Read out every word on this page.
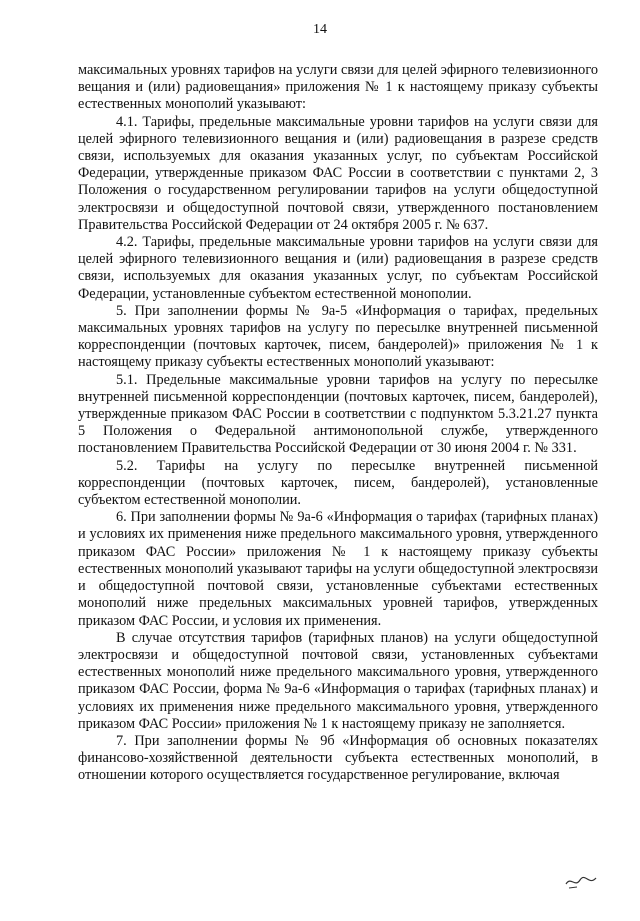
14

максимальных уровнях тарифов на услуги связи для целей эфирного телевизионного вещания и (или) радиовещания» приложения № 1 к настоящему приказу субъекты естественных монополий указывают:

4.1. Тарифы, предельные максимальные уровни тарифов на услуги связи для целей эфирного телевизионного вещания и (или) радиовещания в разрезе средств связи, используемых для оказания указанных услуг, по субъектам Российской Федерации, утвержденные приказом ФАС России в соответствии с пунктами 2, 3 Положения о государственном регулировании тарифов на услуги общедоступной электросвязи и общедоступной почтовой связи, утвержденного постановлением Правительства Российской Федерации от 24 октября 2005 г. № 637.

4.2. Тарифы, предельные максимальные уровни тарифов на услуги связи для целей эфирного телевизионного вещания и (или) радиовещания в разрезе средств связи, используемых для оказания указанных услуг, по субъектам Российской Федерации, установленные субъектом естественной монополии.

5. При заполнении формы № 9а-5 «Информация о тарифах, предельных максимальных уровнях тарифов на услугу по пересылке внутренней письменной корреспонденции (почтовых карточек, писем, бандеролей)» приложения № 1 к настоящему приказу субъекты естественных монополий указывают:

5.1. Предельные максимальные уровни тарифов на услугу по пересылке внутренней письменной корреспонденции (почтовых карточек, писем, бандеролей), утвержденные приказом ФАС России в соответствии с подпунктом 5.3.21.27 пункта 5 Положения о Федеральной антимонопольной службе, утвержденного постановлением Правительства Российской Федерации от 30 июня 2004 г. № 331.

5.2. Тарифы на услугу по пересылке внутренней письменной корреспонденции (почтовых карточек, писем, бандеролей), установленные субъектом естественной монополии.

6. При заполнении формы № 9а-6 «Информация о тарифах (тарифных планах) и условиях их применения ниже предельного максимального уровня, утвержденного приказом ФАС России» приложения № 1 к настоящему приказу субъекты естественных монополий указывают тарифы на услуги общедоступной электросвязи и общедоступной почтовой связи, установленные субъектами естественных монополий ниже предельных максимальных уровней тарифов, утвержденных приказом ФАС России, и условия их применения.

В случае отсутствия тарифов (тарифных планов) на услуги общедоступной электросвязи и общедоступной почтовой связи, установленных субъектами естественных монополий ниже предельного максимального уровня, утвержденного приказом ФАС России, форма № 9а-6 «Информация о тарифах (тарифных планах) и условиях их применения ниже предельного максимального уровня, утвержденного приказом ФАС России» приложения № 1 к настоящему приказу не заполняется.

7. При заполнении формы № 9б «Информация об основных показателях финансово-хозяйственной деятельности субъекта естественных монополий, в отношении которого осуществляется государственное регулирование, включая
